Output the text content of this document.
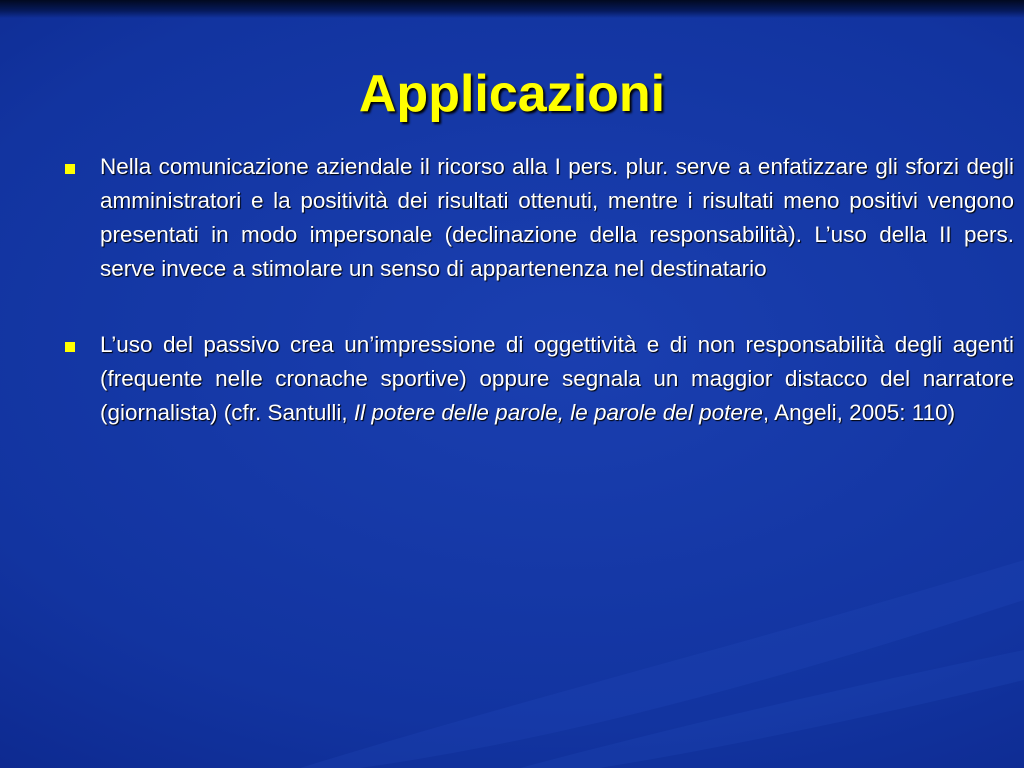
Applicazioni
Nella comunicazione aziendale il ricorso alla I pers. plur. serve a enfatizzare gli sforzi degli amministratori e la positività dei risultati ottenuti, mentre i risultati meno positivi vengono presentati in modo impersonale (declinazione della responsabilità). L’uso della II pers. serve invece a stimolare un senso di appartenenza nel destinatario
L’uso del passivo crea un’impressione di oggettività e di non responsabilità degli agenti (frequente nelle cronache sportive) oppure segnala un maggior distacco del narratore (giornalista) (cfr. Santulli, Il potere delle parole, le parole del potere, Angeli, 2005: 110)
